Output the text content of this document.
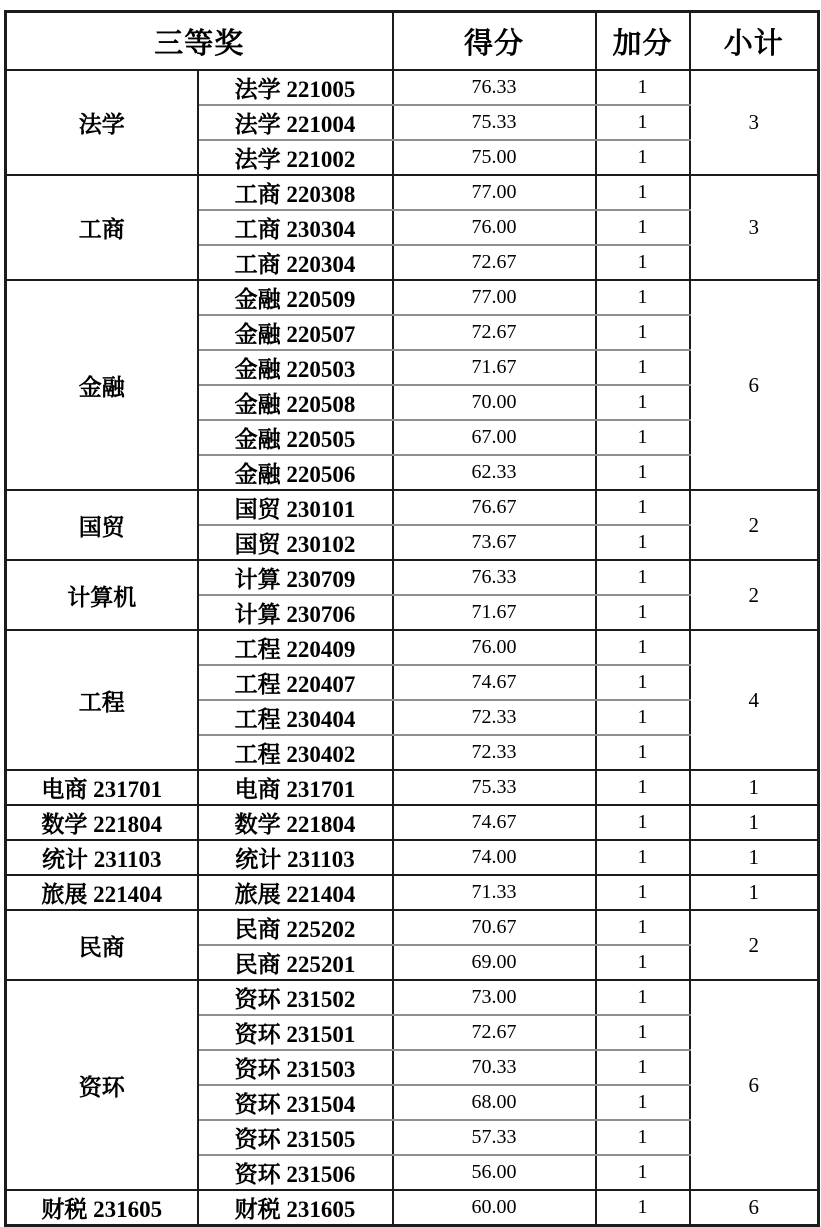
三等奖		得分	加分	小计
法学	法学 221005	76.33	1	3
	法学 221004	75.33	1	
	法学 221002	75.00	1	
工商	工商 220308	77.00	1	3
	工商 230304	76.00	1	
	工商 220304	72.67	1	
金融	金融 220509	77.00	1	6
	金融 220507	72.67	1	
	金融 220503	71.67	1	
	金融 220508	70.00	1	
	金融 220505	67.00	1	
	金融 220506	62.33	1	
国贸	国贸 230101	76.67	1	2
	国贸 230102	73.67	1	
计算机	计算 230709	76.33	1	2
	计算 230706	71.67	1	
工程	工程 220409	76.00	1	4
	工程 220407	74.67	1	
	工程 230404	72.33	1	
	工程 230402	72.33	1	
电商 231701	电商 231701	75.33	1	1
数学 221804	数学 221804	74.67	1	1
统计 231103	统计 231103	74.00	1	1
旅展 221404	旅展 221404	71.33	1	1
民商	民商 225202	70.67	1	2
	民商 225201	69.00	1	
资环	资环 231502	73.00	1	6
	资环 231501	72.67	1	
	资环 231503	70.33	1	
	资环 231504	68.00	1	
	资环 231505	57.33	1	
	资环 231506	56.00	1	
财税 231605	财税 231605	60.00	1	6
